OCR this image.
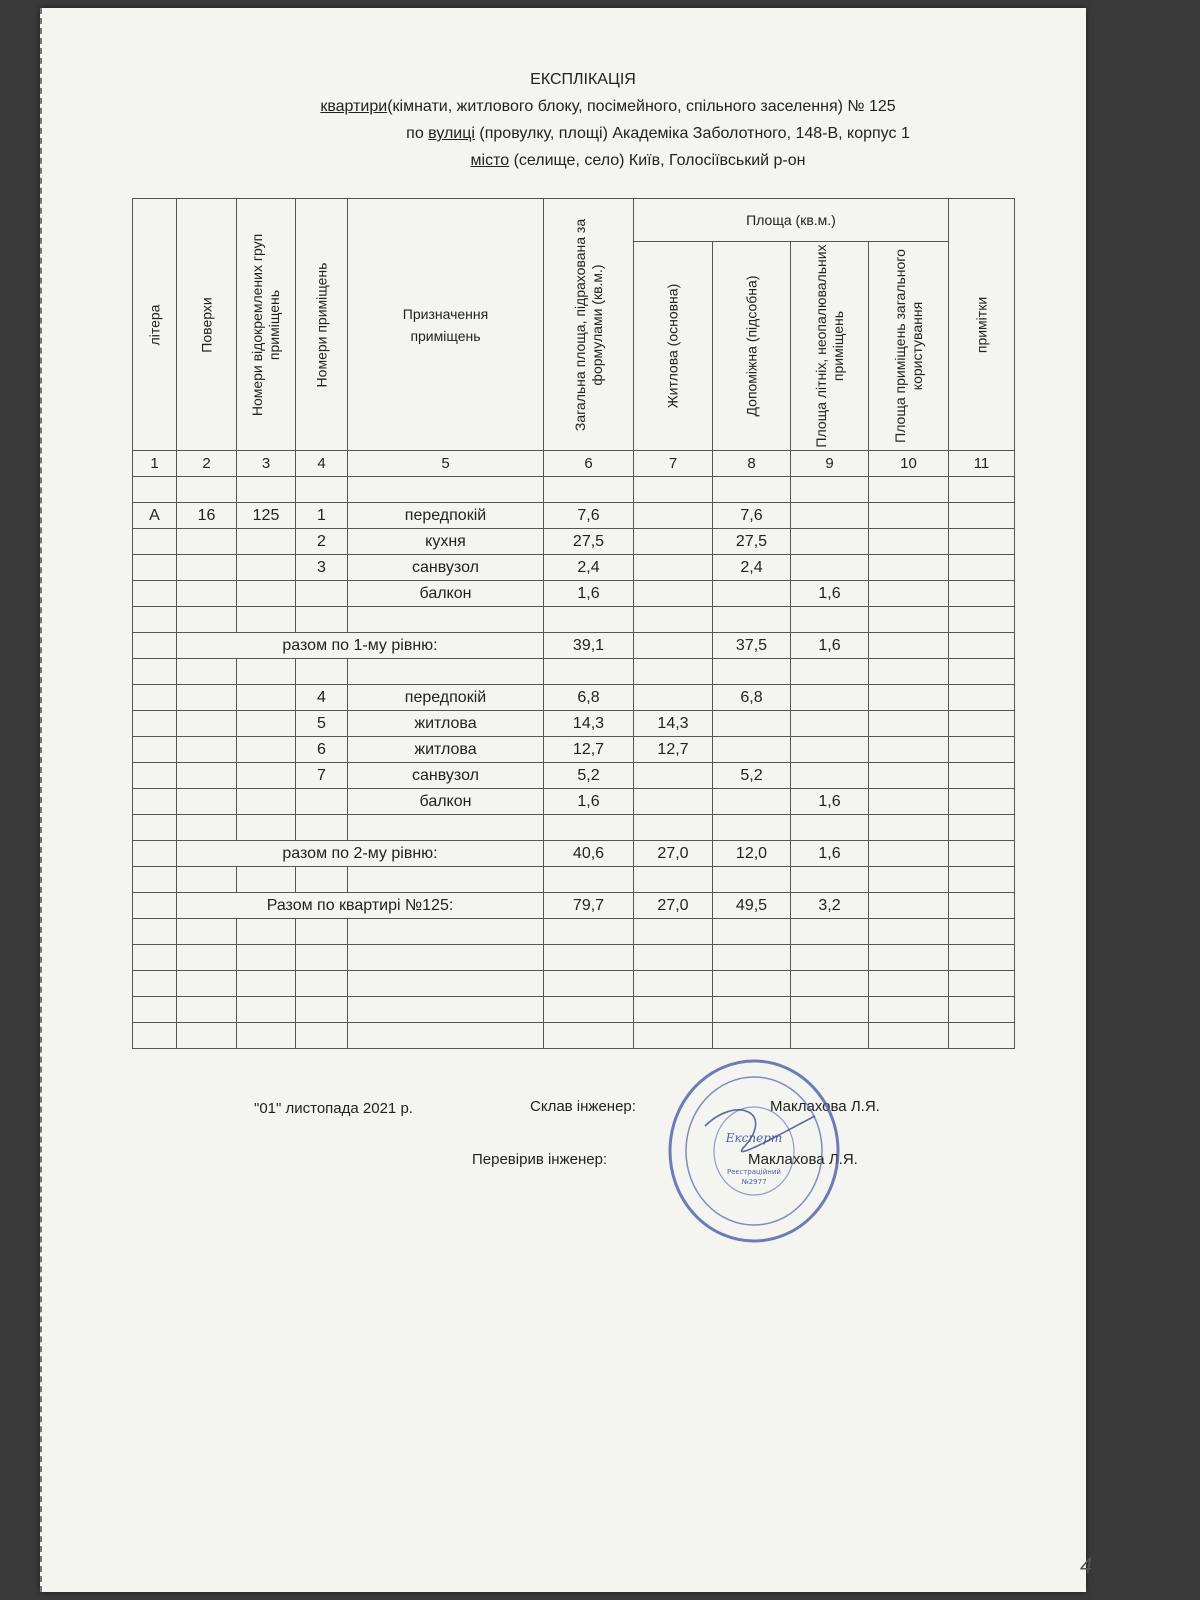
ЕКСПЛІКАЦІЯ
квартири(кімнати, житлового блоку, посімейного, спільного заселення) № 125
по вулиці (провулку, площі) Академіка Заболотного, 148-В, корпус 1
місто (селище, село) Київ, Голосіївський р-он
літера	Поверхи	Номери відокремлених груп приміщень	Номери приміщень	Призначення приміщень	Загальна площа, підрахована за формулами (кв.м.)	Площа (кв.м.)				примітки

						Житлова (основна)	Допоміжна (підсобна)	Площа літніх, неопалювальних приміщень	Площа приміщень загального користування	

1	2	3	4	5	6	7	8	9	10	11

А	16	125	1	передпокій	7,6		7,6			
			2	кухня	27,5		27,5			
			3	санвузол	2,4		2,4			
				балкон	1,6			1,6		

	разом по 1-му рівню:				39,1		37,5	1,6		

			4	передпокій	6,8		6,8			
			5	житлова	14,3	14,3				
			6	житлова	12,7	12,7				
			7	санвузол	5,2		5,2			
				балкон	1,6			1,6		

	разом по 2-му рівню:				40,6	27,0	12,0	1,6		

	Разом по квартирі №125:				79,7	27,0	49,5	3,2		

"01" листопада 2021 р.	Склав інженер:	Маклахова Л.Я.
Перевірив інженер:	Маклахова Л.Я.
Експерт
Реєстраційний
№2977
4
